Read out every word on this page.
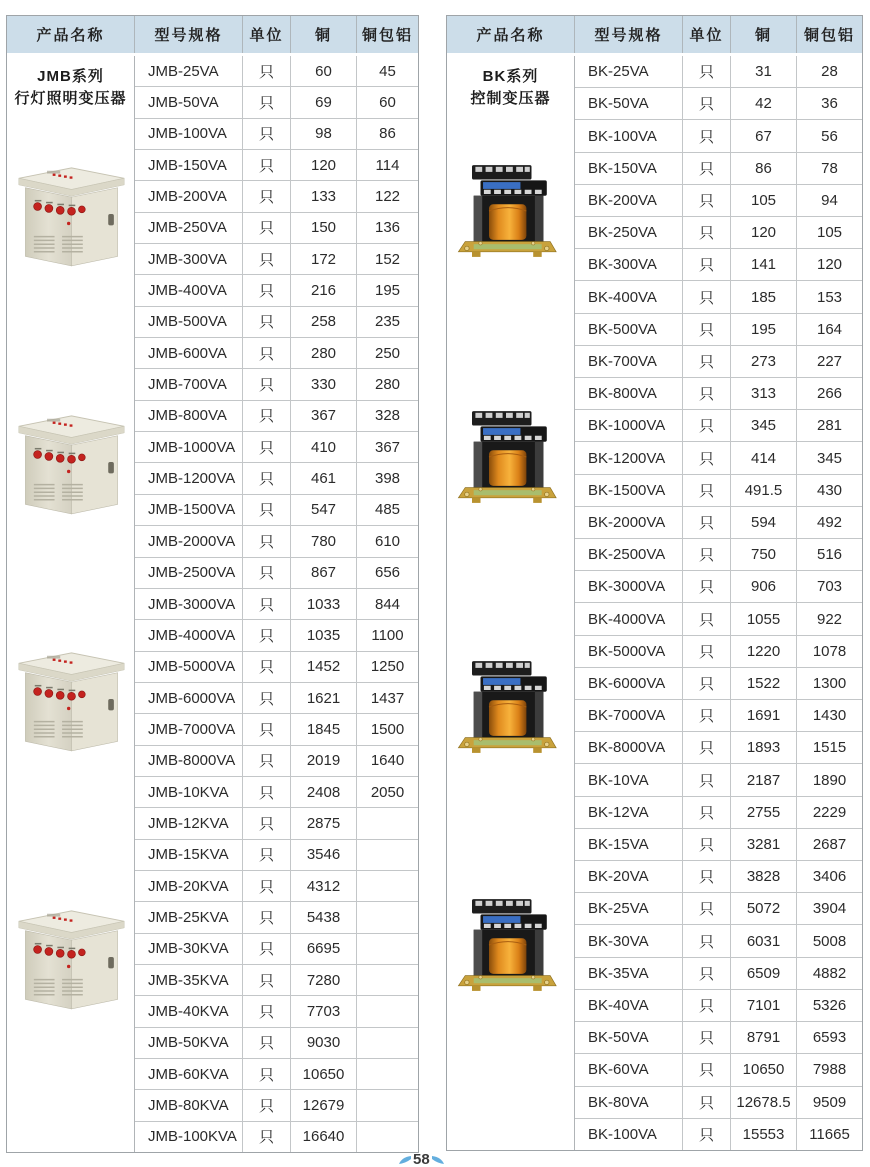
产品名称	型号规格	单位	铜	铜包铝
JMB系列
行灯照明变压器
JMB-25VA	只	60	45
JMB-50VA	只	69	60
JMB-100VA	只	98	86
JMB-150VA	只	120	114
JMB-200VA	只	133	122
JMB-250VA	只	150	136
JMB-300VA	只	172	152
JMB-400VA	只	216	195
JMB-500VA	只	258	235
JMB-600VA	只	280	250
JMB-700VA	只	330	280
JMB-800VA	只	367	328
JMB-1000VA	只	410	367
JMB-1200VA	只	461	398
JMB-1500VA	只	547	485
JMB-2000VA	只	780	610
JMB-2500VA	只	867	656
JMB-3000VA	只	1033	844
JMB-4000VA	只	1035	1100
JMB-5000VA	只	1452	1250
JMB-6000VA	只	1621	1437
JMB-7000VA	只	1845	1500
JMB-8000VA	只	2019	1640
JMB-10KVA	只	2408	2050
JMB-12KVA	只	2875
JMB-15KVA	只	3546
JMB-20KVA	只	4312
JMB-25KVA	只	5438
JMB-30KVA	只	6695
JMB-35KVA	只	7280
JMB-40KVA	只	7703
JMB-50KVA	只	9030
JMB-60KVA	只	10650
JMB-80KVA	只	12679
JMB-100KVA	只	16640
产品名称	型号规格	单位	铜	铜包铝
BK系列
控制变压器
BK-25VA	只	31	28
BK-50VA	只	42	36
BK-100VA	只	67	56
BK-150VA	只	86	78
BK-200VA	只	105	94
BK-250VA	只	120	105
BK-300VA	只	141	120
BK-400VA	只	185	153
BK-500VA	只	195	164
BK-700VA	只	273	227
BK-800VA	只	313	266
BK-1000VA	只	345	281
BK-1200VA	只	414	345
BK-1500VA	只	491.5	430
BK-2000VA	只	594	492
BK-2500VA	只	750	516
BK-3000VA	只	906	703
BK-4000VA	只	1055	922
BK-5000VA	只	1220	1078
BK-6000VA	只	1522	1300
BK-7000VA	只	1691	1430
BK-8000VA	只	1893	1515
BK-10VA	只	2187	1890
BK-12VA	只	2755	2229
BK-15VA	只	3281	2687
BK-20VA	只	3828	3406
BK-25VA	只	5072	3904
BK-30VA	只	6031	5008
BK-35VA	只	6509	4882
BK-40VA	只	7101	5326
BK-50VA	只	8791	6593
BK-60VA	只	10650	7988
BK-80VA	只	12678.5	9509
BK-100VA	只	15553	11665
58
